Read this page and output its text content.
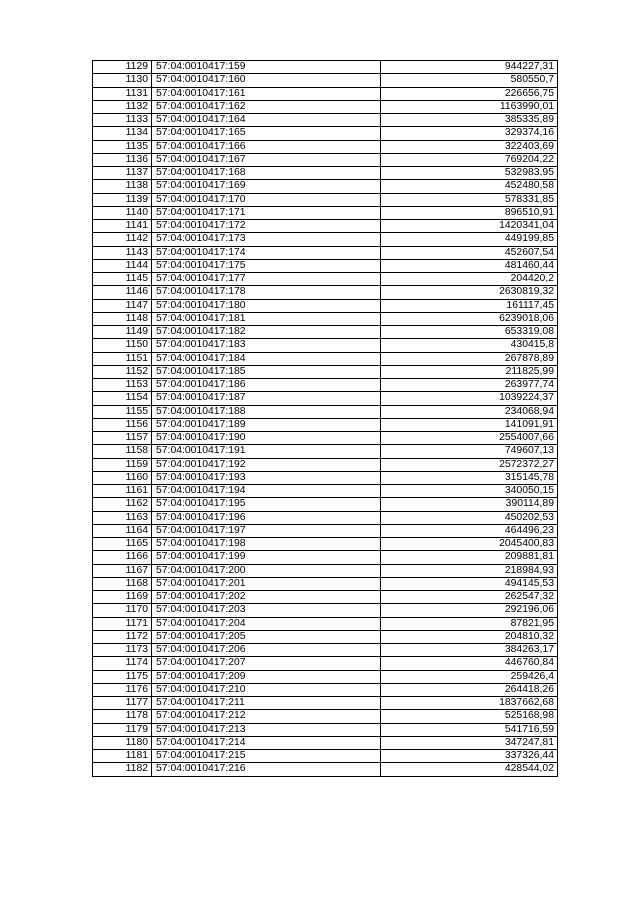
1129	57:04:0010417:159	944227,31
1130	57:04:0010417:160	580550,7
1131	57:04:0010417:161	226656,75
1132	57:04:0010417:162	1163990,01
1133	57:04:0010417:164	385335,89
1134	57:04:0010417:165	329374,16
1135	57:04:0010417:166	322403,69
1136	57:04:0010417:167	769204,22
1137	57:04:0010417:168	532983,95
1138	57:04:0010417:169	452480,58
1139	57:04:0010417:170	578331,85
1140	57:04:0010417:171	896510,91
1141	57:04:0010417:172	1420341,04
1142	57:04:0010417:173	449199,85
1143	57:04:0010417:174	452607,54
1144	57:04:0010417:175	481460,44
1145	57:04:0010417:177	204420,2
1146	57:04:0010417:178	2630819,32
1147	57:04:0010417:180	161117,45
1148	57:04:0010417:181	6239018,06
1149	57:04:0010417:182	653319,08
1150	57:04:0010417:183	430415,8
1151	57:04:0010417:184	267878,89
1152	57:04:0010417:185	211825,99
1153	57:04:0010417:186	263977,74
1154	57:04:0010417:187	1039224,37
1155	57:04:0010417:188	234068,94
1156	57:04:0010417:189	141091,91
1157	57:04:0010417:190	2554007,66
1158	57:04:0010417:191	749607,13
1159	57:04:0010417:192	2572372,27
1160	57:04:0010417:193	315145,78
1161	57:04:0010417:194	340050,15
1162	57:04:0010417:195	390114,89
1163	57:04:0010417:196	450202,53
1164	57:04:0010417:197	464496,23
1165	57:04:0010417:198	2045400,83
1166	57:04:0010417:199	209881,81
1167	57:04:0010417:200	218984,93
1168	57:04:0010417:201	494145,53
1169	57:04:0010417:202	262547,32
1170	57:04:0010417:203	292196,06
1171	57:04:0010417:204	87821,95
1172	57:04:0010417:205	204810,32
1173	57:04:0010417:206	384263,17
1174	57:04:0010417:207	446760,84
1175	57:04:0010417:209	259426,4
1176	57:04:0010417:210	264418,26
1177	57:04:0010417:211	1837662,68
1178	57:04:0010417:212	525168,98
1179	57:04:0010417:213	541716,59
1180	57:04:0010417:214	347247,81
1181	57:04:0010417:215	337326,44
1182	57:04:0010417:216	428544,02
